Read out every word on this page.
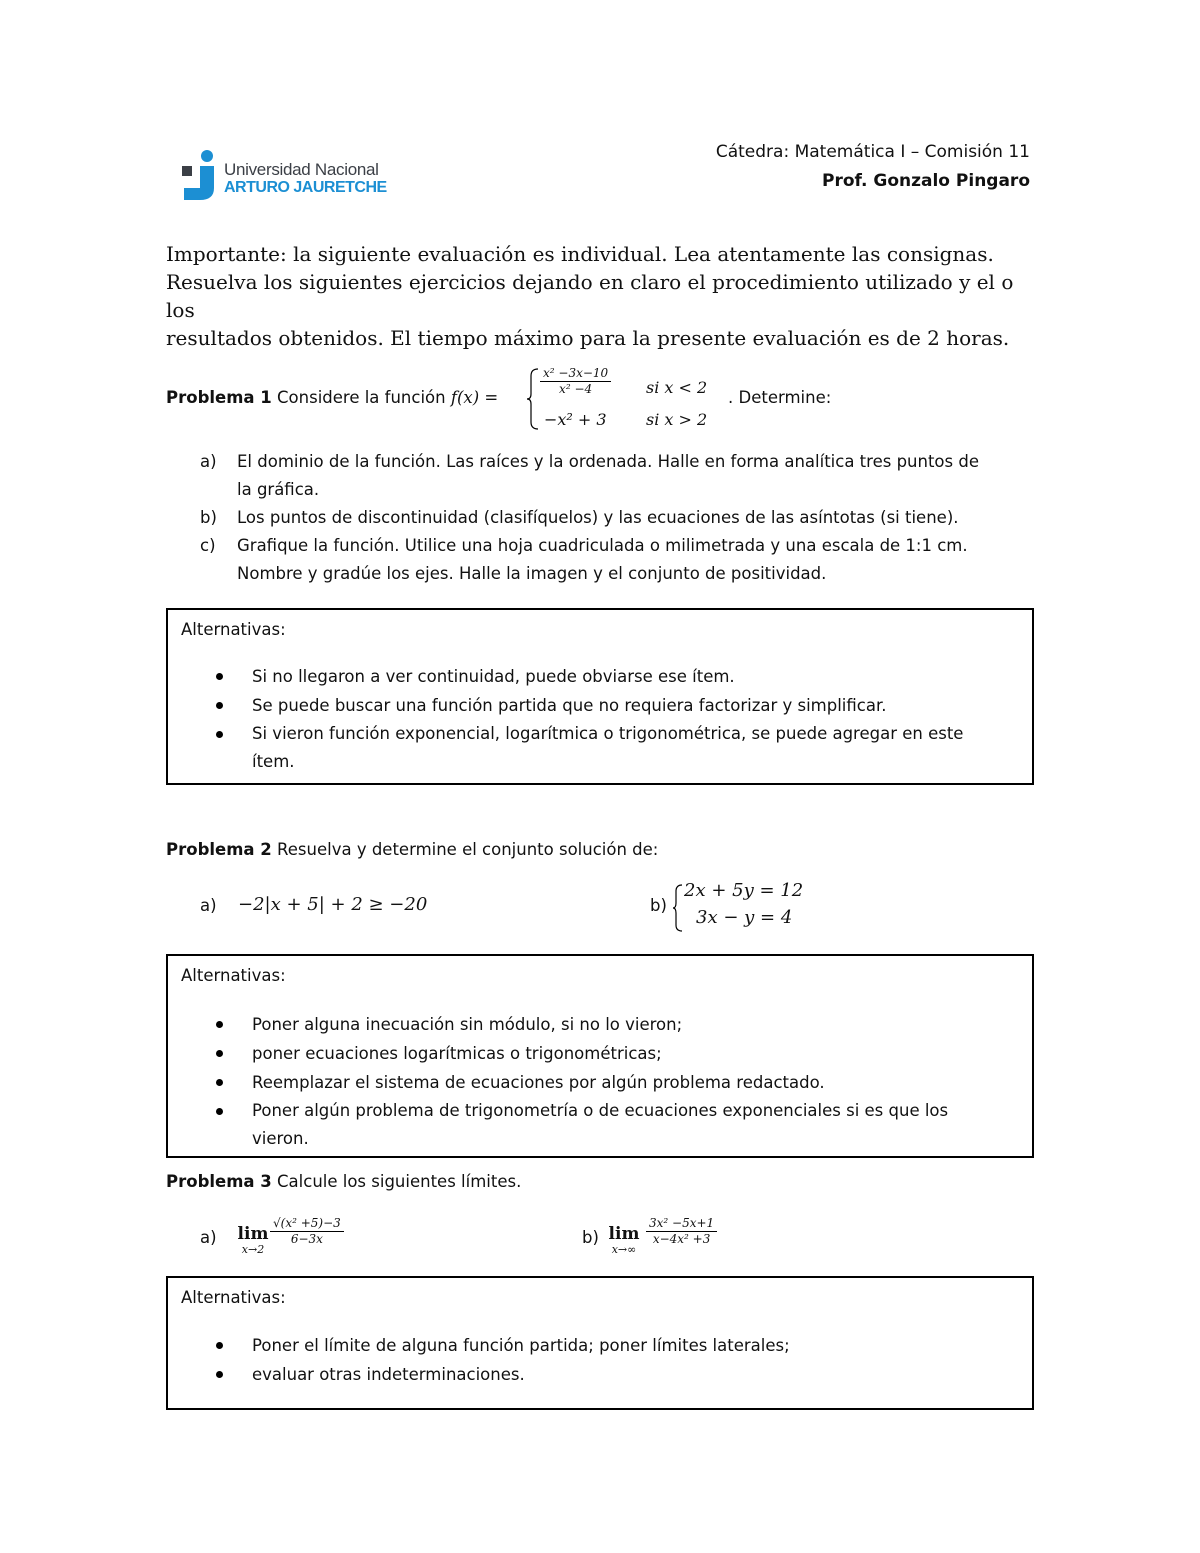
Universidad Nacional
ARTURO JAURETCHE
Cátedra: Matemática I – Comisión 11
Prof. Gonzalo Pingaro
Importante: la siguiente evaluación es individual. Lea atentamente las consignas.
Resuelva los siguientes ejercicios dejando en claro el procedimiento utilizado y el o los
resultados obtenidos. El tiempo máximo para la presente evaluación es de 2 horas.
Problema 1 Considere la función f(x) =
$\frac{\text{x² −3x−10}}{\text{x² −4}}$ si x < 2
−x² + 3 si x > 2
. Determine:
a) El dominio de la función. Las raíces y la ordenada. Halle en forma analítica tres puntos de
la gráfica.
b) Los puntos de discontinuidad (clasifíquelos) y las ecuaciones de las asíntotas (si tiene).
c) Grafique la función. Utilice una hoja cuadriculada o milimetrada y una escala de 1:1 cm.
Nombre y gradúe los ejes. Halle la imagen y el conjunto de positividad.
Alternativas:
Si no llegaron a ver continuidad, puede obviarse ese ítem.
Se puede buscar una función partida que no requiera factorizar y simplificar.
Si vieron función exponencial, logarítmica o trigonométrica, se puede agregar en este ítem.
Problema 2 Resuelva y determine el conjunto solución de:
a) −2|x + 5| + 2 ≥ −20	b)
2x + 5y = 12
3x − y = 4
Alternativas:
Poner alguna inecuación sin módulo, si no lo vieron;
poner ecuaciones logarítmicas o trigonométricas;
Reemplazar el sistema de ecuaciones por algún problema redactado.
Poner algún problema de trigonometría o de ecuaciones exponenciales si es que los vieron.
Problema 3 Calcule los siguientes límites.
a) lim
x→2
$\frac{\text{√(x² +5)−3}}{6-3x}$	b) lim
x→∞
$\frac{\text{3x² −5x+1}}{\text{x−4x² +3}}$
Alternativas:
Poner el límite de alguna función partida; poner límites laterales;
evaluar otras indeterminaciones.
